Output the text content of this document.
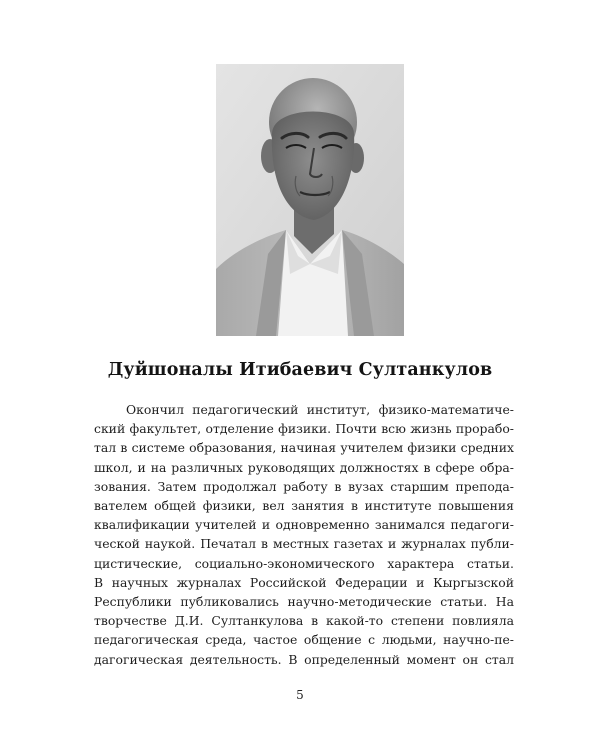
Дуйшоналы Итибаевич Султанкулов
Окончил педагогический институт, физико-математиче-
ский факультет, отделение физики. Почти всю жизнь прорабо-
тал в системе образования, начиная учителем физики средних
школ, и на различных руководящих должностях в сфере обра-
зования. Затем продолжал работу в вузах старшим препода-
вателем общей физики, вел занятия в институте повышения
квалификации учителей и одновременно занимался педагоги-
ческой наукой. Печатал в местных газетах и журналах публи-
цистические, социально-экономического характера статьи.
В научных журналах Российской Федерации и Кыргызской
Республики публиковались научно-методические статьи. На
творчестве Д.И. Султанкулова в какой-то степени повлияла
педагогическая среда, частое общение с людьми, научно-пе-
дагогическая деятельность. В определенный момент он стал
5
